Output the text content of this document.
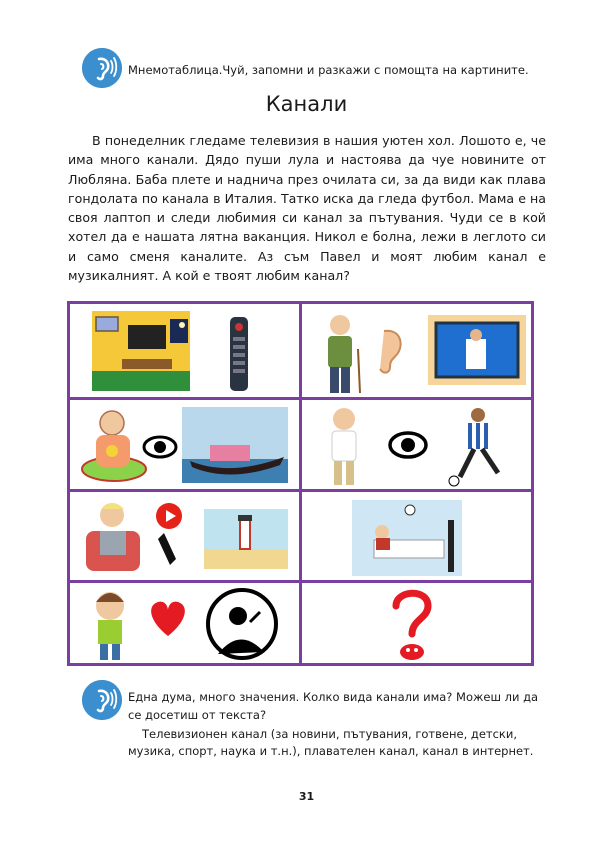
Мнемотаблица.Чуй, запомни и разкажи с помощта на картините.
Канали

В понеделник гледаме телевизия в нашия уютен хол. Лошото е, че има много канали. Дядо пуши лула и настоява да чуе новините от Любляна. Баба плете и надничa през очилата си, за да види как плава гондолата по канала в Италия. Татко иска да гледа футбол. Мама е на своя лаптоп и следи любимия си канал за пътувания. Чуди се в кой хотел да е нашата лятна ваканция. Никол е болна, лежи в леглото си и само сменя каналите. Аз съм Павел и моят любим канал е музикалният. А кой е твоят любим канал?

Една дума, много значения. Колко вида канали има? Можеш ли да се досетиш от текста?

Телевизионен канал (за новини, пътувания, готвене, детски, музика, спорт, наука и т.н.), плавателен канал, канал в интернет.

31
